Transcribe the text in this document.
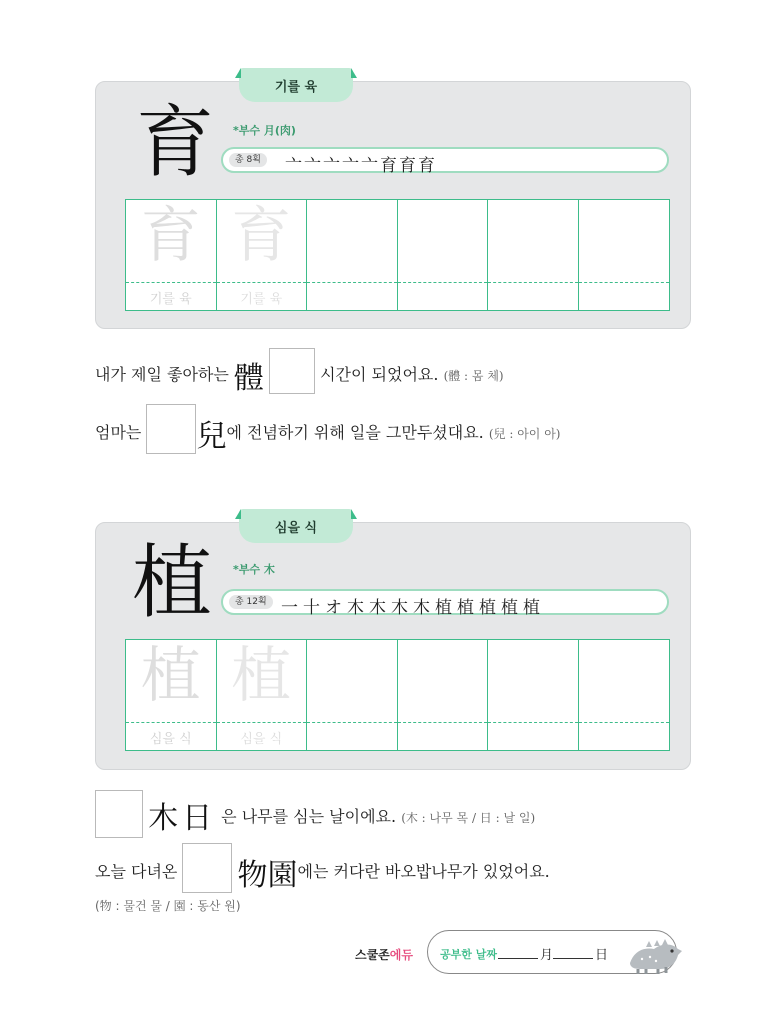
기를 육
育 *부수 月(肉)
총 8획	亠亠亠亠亠育育育
育
기를 육
育
기를 육
내가 제일 좋아하는 體	시간이 되었어요. $^{(體 : 몸 체)}$
엄마는 兒에 전념하기 위해 일을 그만두셨대요. $^{(兒 : 아이 아)}$
심을 식
植 *부수 木
총 12획 一十オ木木木木植植植植植
植
심을 식
植
심을 식
木日 은 나무를 심는 날이에요. $^{(木 : 나무 목 / 日 : 날 일)}$
오늘 다녀온  物園에는 커다란 바오밥나무가 있었어요.
(物 : 물건 물 / 園 : 동산 원)
스쿨존에듀 공부한 날짜	月	日
